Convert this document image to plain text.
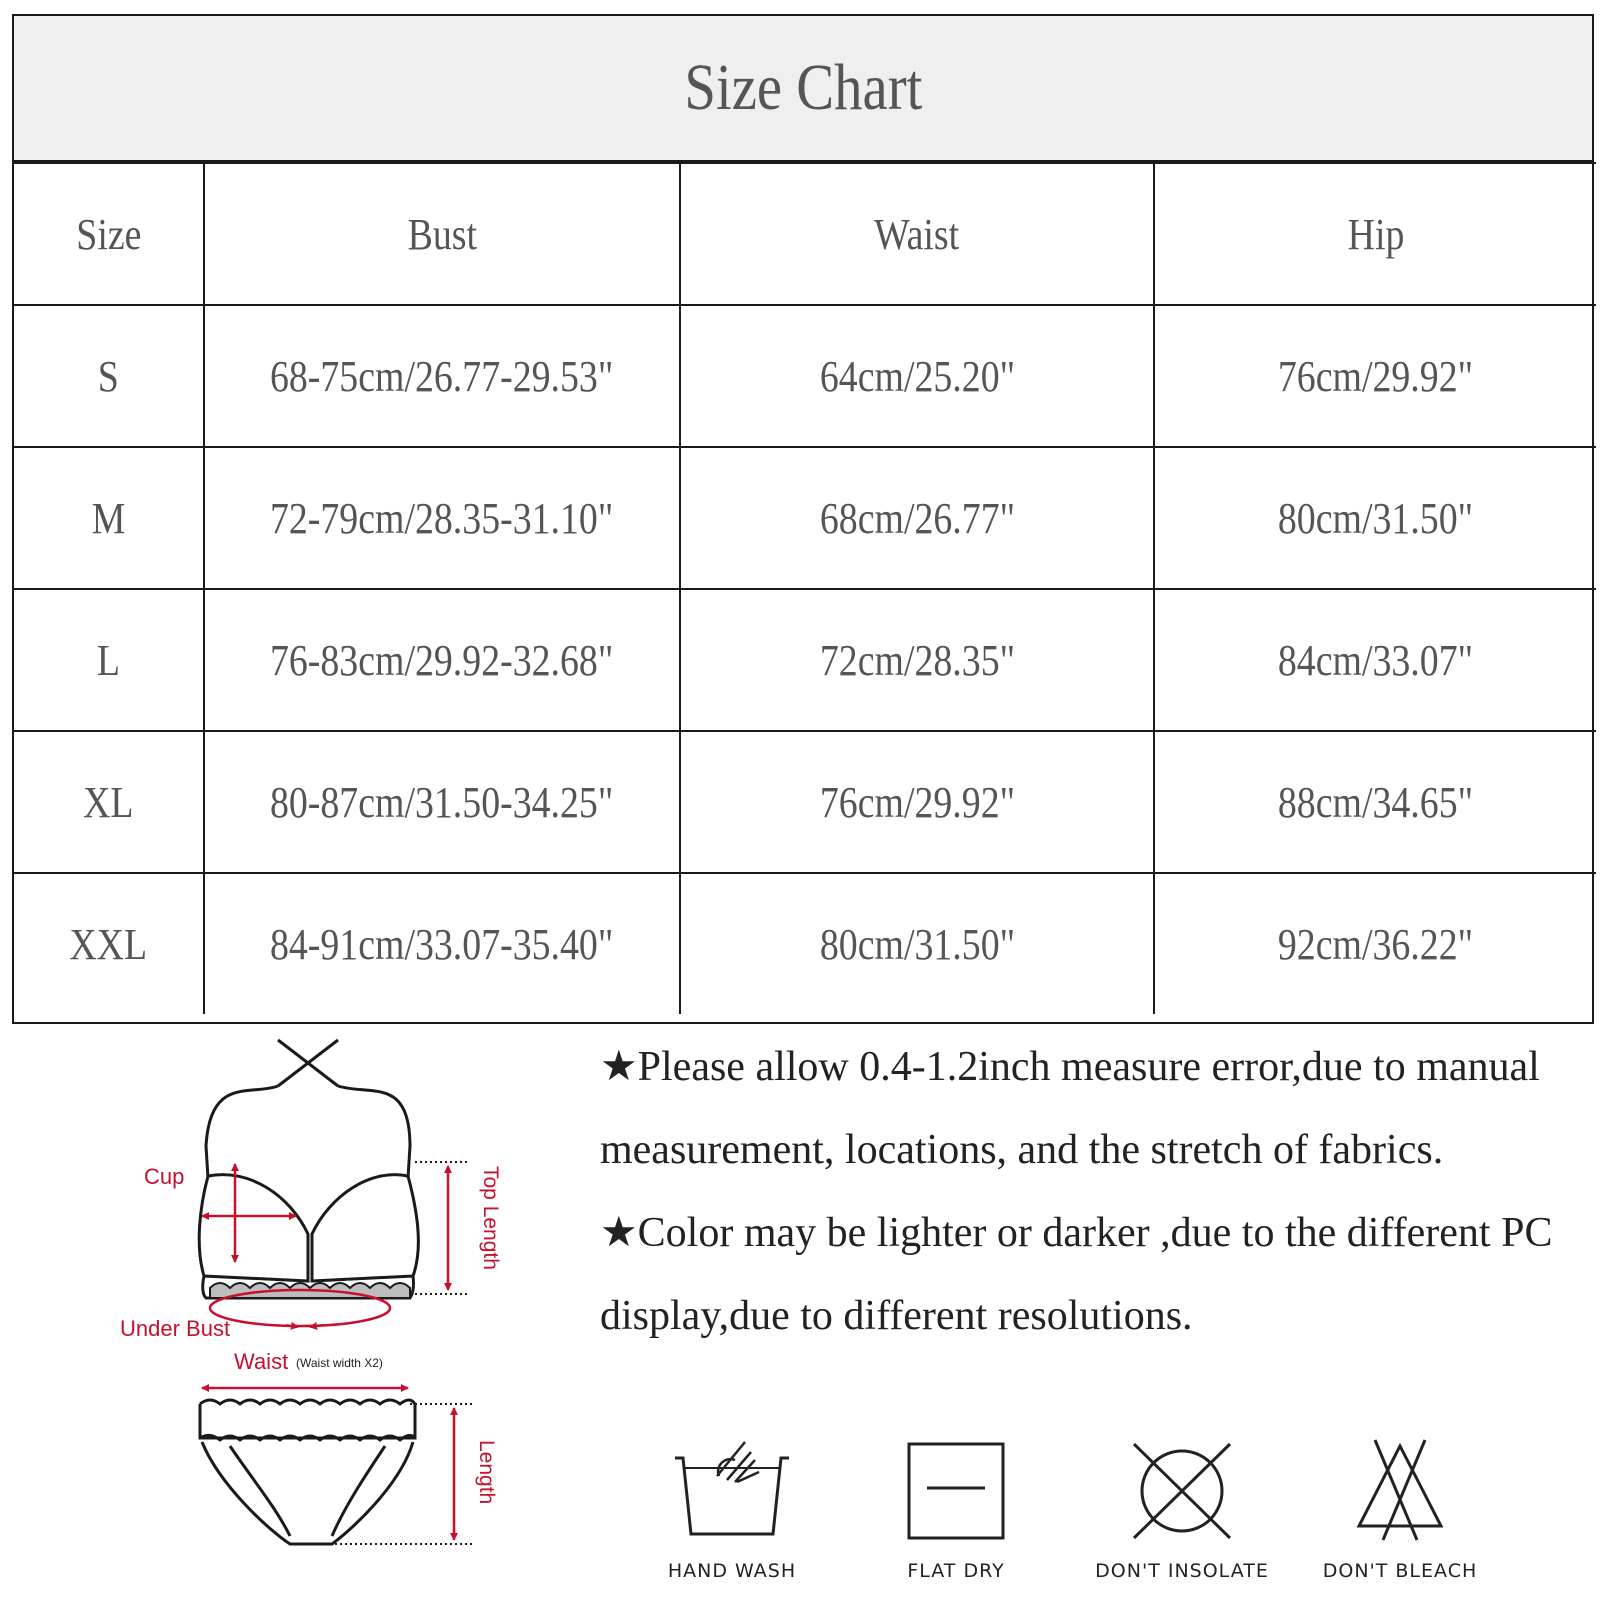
Size Chart
Size	Bust	Waist	Hip
S	68-75cm/26.77-29.53"	64cm/25.20"	76cm/29.92"
M	72-79cm/28.35-31.10"	68cm/26.77"	80cm/31.50"
L	76-83cm/29.92-32.68"	72cm/28.35"	84cm/33.07"
XL	80-87cm/31.50-34.25"	76cm/29.92"	88cm/34.65"
XXL	84-91cm/33.07-35.40"	80cm/31.50"	92cm/36.22"
Cup	Top Length
Under Bust
Waist (Waist width X2)
Length

★Please allow 0.4-1.2inch measure error,due to manual measurement, locations, and the stretch of fabrics.

★Color may be lighter or darker ,due to the different PC display,due to different resolutions.

HAND WASH	FLAT DRY	DON'T INSOLATE	DON'T BLEACH
